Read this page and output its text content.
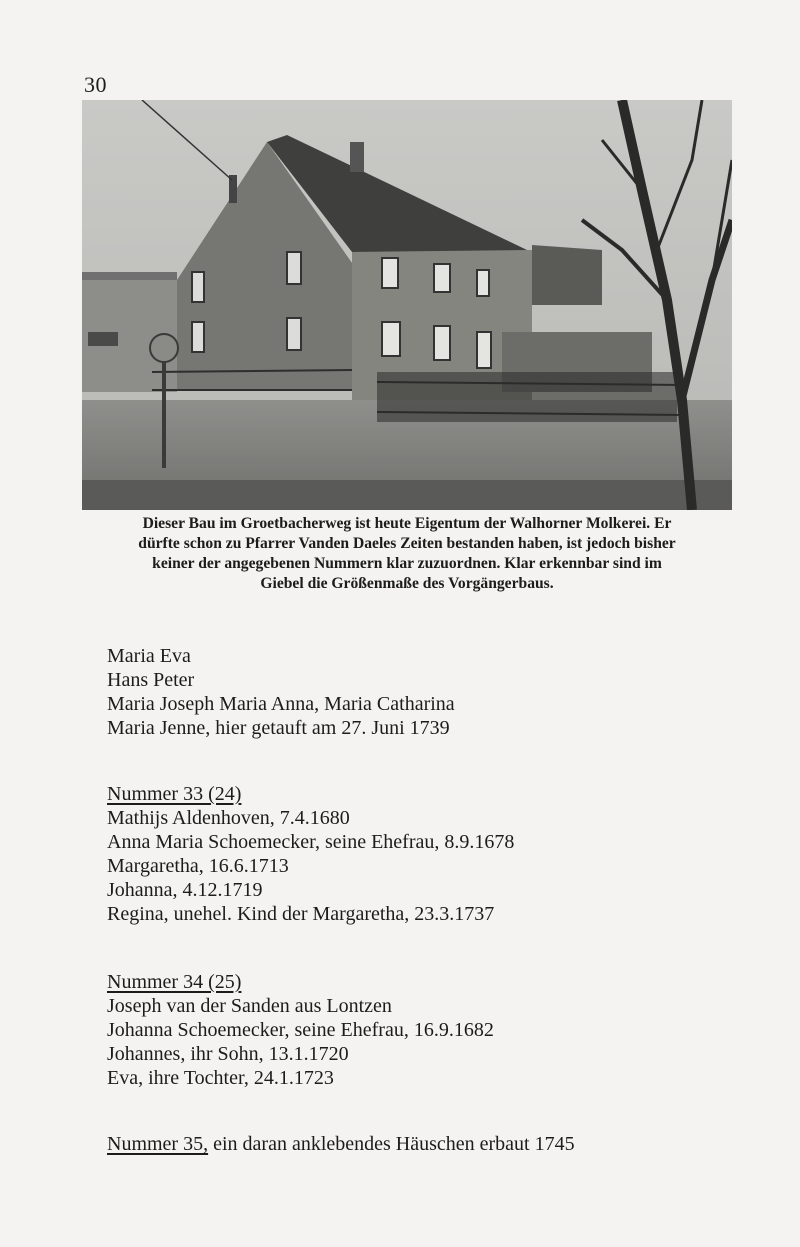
30
Dieser Bau im Groetbacherweg ist heute Eigentum der Walhorner Molkerei. Er
dürfte schon zu Pfarrer Vanden Daeles Zeiten bestanden haben, ist jedoch bisher
keiner der angegebenen Nummern klar zuzuordnen. Klar erkennbar sind im
Giebel die Größenmaße des Vorgängerbaus.
Maria Eva
Hans Peter
Maria Joseph Maria Anna, Maria Catharina
Maria Jenne, hier getauft am 27. Juni 1739
Nummer 33 (24)
Mathijs Aldenhoven, 7.4.1680
Anna Maria Schoemecker, seine Ehefrau, 8.9.1678
Margaretha, 16.6.1713
Johanna, 4.12.1719
Regina, unehel. Kind der Margaretha, 23.3.1737
Nummer 34 (25)
Joseph van der Sanden aus Lontzen
Johanna Schoemecker, seine Ehefrau, 16.9.1682
Johannes, ihr Sohn, 13.1.1720
Eva, ihre Tochter, 24.1.1723
Nummer 35, ein daran anklebendes Häuschen erbaut 1745
